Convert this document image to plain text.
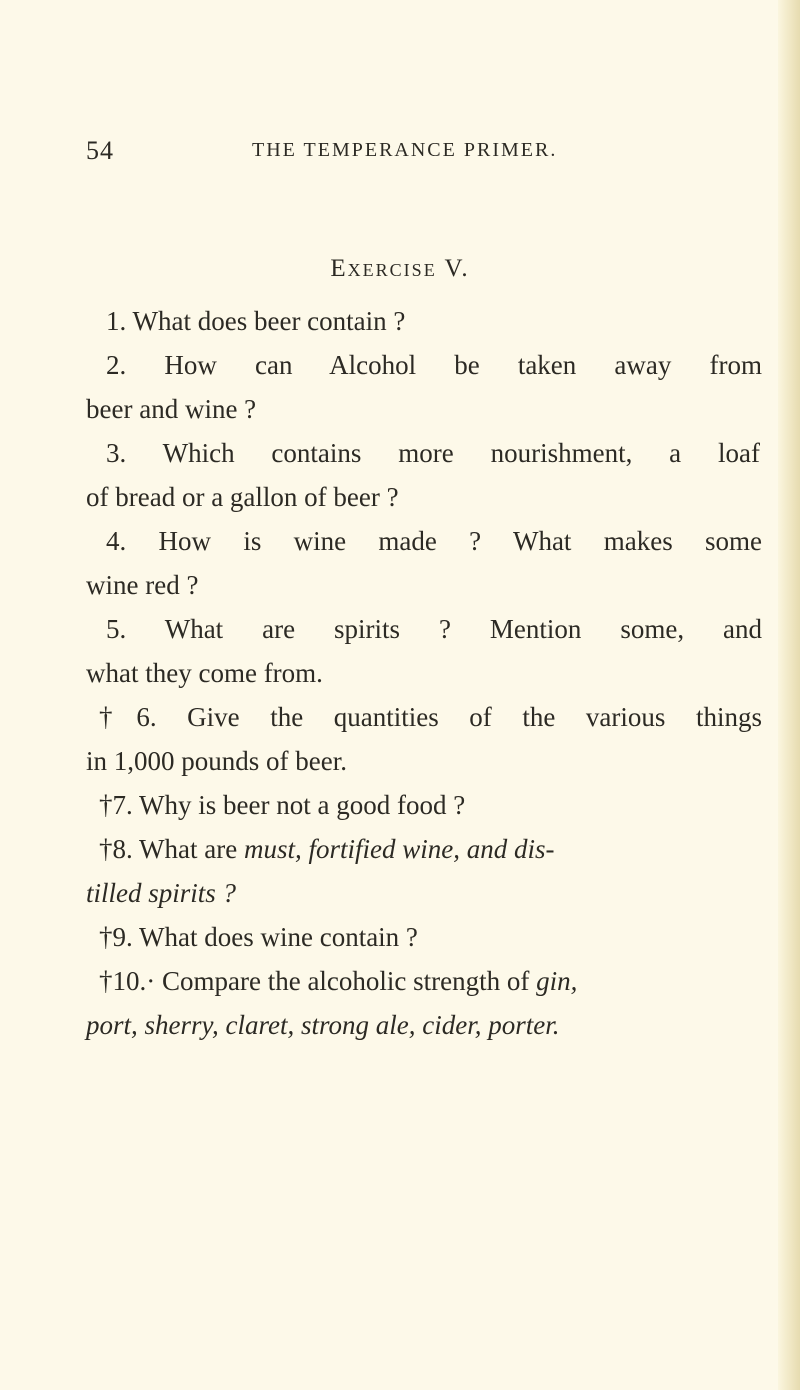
54	THE TEMPERANCE PRIMER.
Exercise V.
1. What does beer contain ?
2. How can Alcohol be taken away from
beer and wine ?
3. Which contains more nourishment, a loaf
of bread or a gallon of beer ?
4. How is wine made ? What makes some
wine red ?
5. What are spirits ? Mention some, and
what they come from.
†6. Give the quantities of the various things
in 1,000 pounds of beer.
†7. Why is beer not a good food ?
†8. What are must, fortified wine, and dis-
tilled spirits ?
†9. What does wine contain ?
†10.· Compare the alcoholic strength of gin,
port, sherry, claret, strong ale, cider, porter.
